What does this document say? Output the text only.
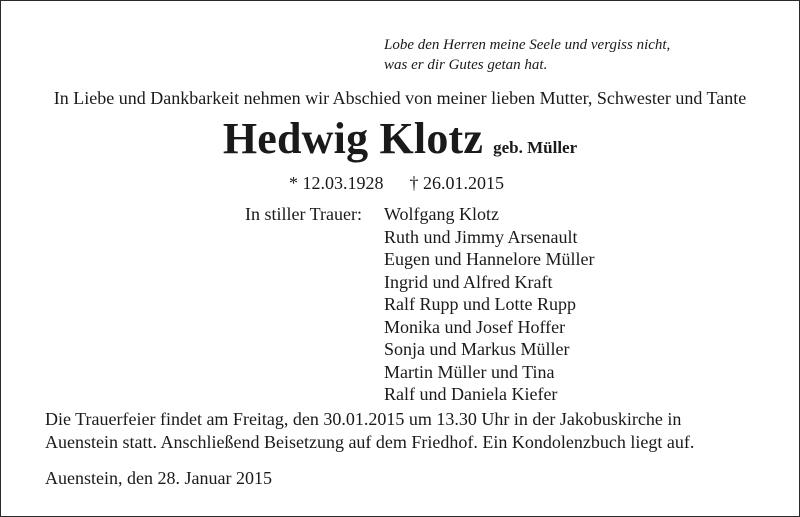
Lobe den Herren meine Seele und vergiss nicht,
was er dir Gutes getan hat.
In Liebe und Dankbarkeit nehmen wir Abschied von meiner lieben Mutter, Schwester und Tante
Hedwig Klotz geb. Müller
* 12.03.1928 † 26.01.2015
In stiller Trauer: Wolfgang Klotz
Ruth und Jimmy Arsenault
Eugen und Hannelore Müller
Ingrid und Alfred Kraft
Ralf Rupp und Lotte Rupp
Monika und Josef Hoffer
Sonja und Markus Müller
Martin Müller und Tina
Ralf und Daniela Kiefer
Die Trauerfeier findet am Freitag, den 30.01.2015 um 13.30 Uhr in der Jakobuskirche in
Auenstein statt. Anschließend Beisetzung auf dem Friedhof. Ein Kondolenzbuch liegt auf.
Auenstein, den 28. Januar 2015
